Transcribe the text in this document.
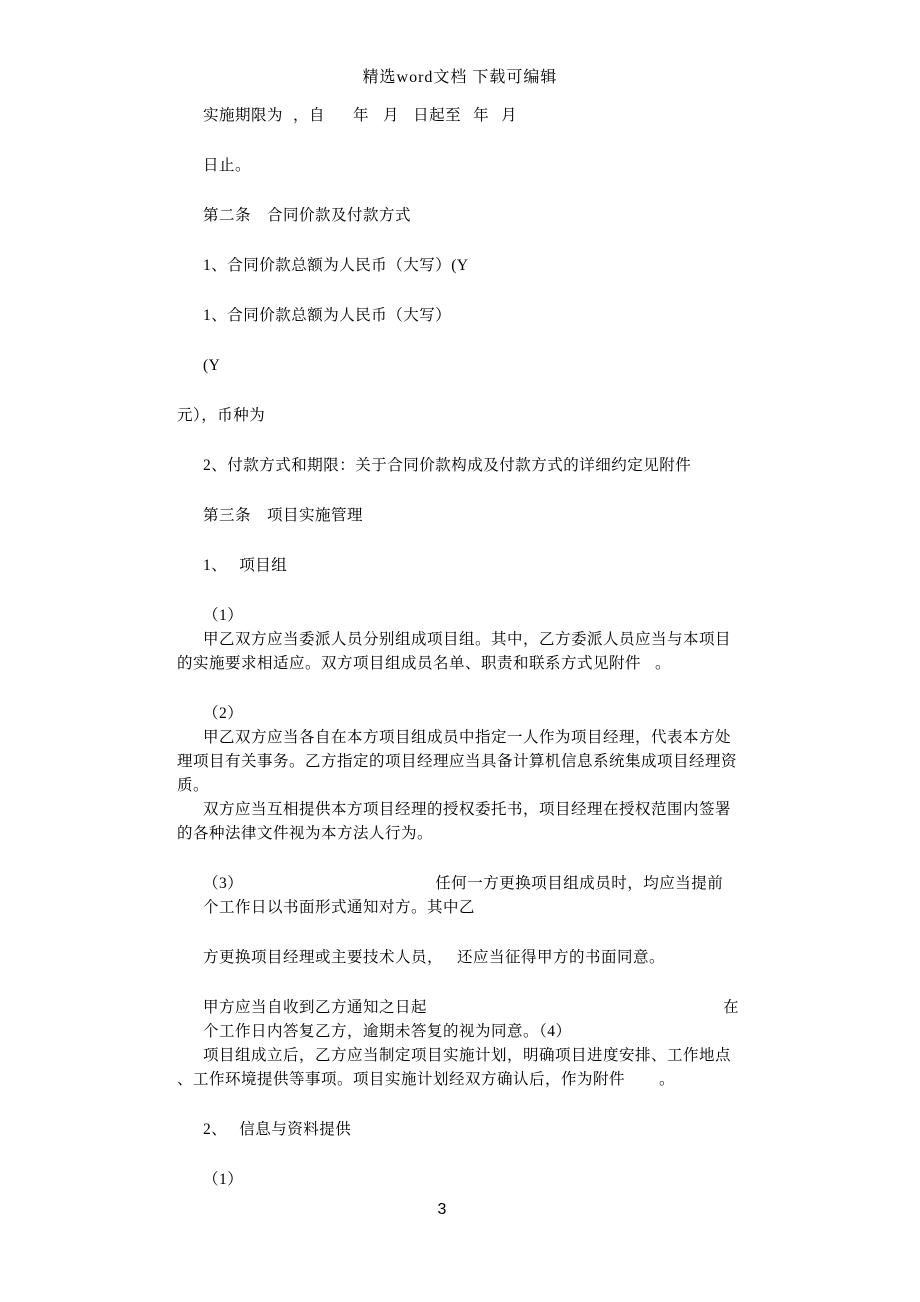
精选word文档 下载可编辑
实施期限为 ，自 年 月 日起至 年 月
日止。
第二条 合同价款及付款方式
1、合同价款总额为人民币（大写）(Y
1、合同价款总额为人民币（大写）
(Y
元），币种为
2、付款方式和期限：关于合同价款构成及付款方式的详细约定见附件
第三条 项目实施管理
1、 项目组
（1）
甲乙双方应当委派人员分别组成项目组。其中，乙方委派人员应当与本项目
的实施要求相适应。双方项目组成员名单、职责和联系方式见附件 。
（2）
甲乙双方应当各自在本方项目组成员中指定一人作为项目经理，代表本方处
理项目有关事务。乙方指定的项目经理应当具备计算机信息系统集成项目经理资
质。
双方应当互相提供本方项目经理的授权委托书，项目经理在授权范围内签署
的各种法律文件视为本方法人行为。
（3）	任何一方更换项目组成员时，均应当提前
个工作日以书面形式通知对方。其中乙
方更换项目经理或主要技术人员， 还应当征得甲方的书面同意。
甲方应当自收到乙方通知之日起	在
个工作日内答复乙方，逾期未答复的视为同意。（4）
项目组成立后，乙方应当制定项目实施计划，明确项目进度安排、工作地点
、工作环境提供等事项。项目实施计划经双方确认后，作为附件 。
2、 信息与资料提供
（1）
3
